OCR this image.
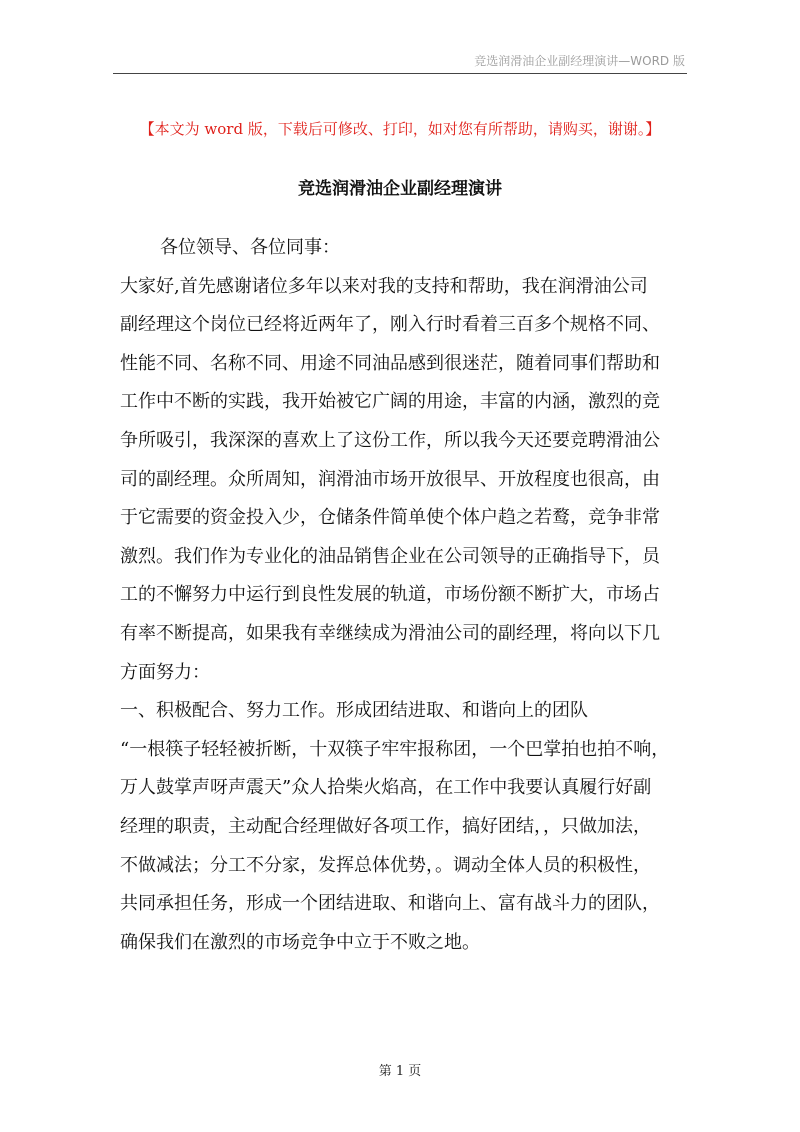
竞选润滑油企业副经理演讲—WORD 版
【本文为 word 版，下载后可修改、打印，如对您有所帮助，请购买，谢谢。】
竞选润滑油企业副经理演讲
各位领导、各位同事：
大家好,首先感谢诸位多年以来对我的支持和帮助，我在润滑油公司
副经理这个岗位已经将近两年了，刚入行时看着三百多个规格不同、
性能不同、名称不同、用途不同油品感到很迷茫，随着同事们帮助和
工作中不断的实践，我开始被它广阔的用途，丰富的内涵，激烈的竞
争所吸引，我深深的喜欢上了这份工作，所以我今天还要竞聘滑油公
司的副经理。众所周知，润滑油市场开放很早、开放程度也很高，由
于它需要的资金投入少，仓储条件简单使个体户趋之若鹜，竞争非常
激烈。我们作为专业化的油品销售企业在公司领导的正确指导下，员
工的不懈努力中运行到良性发展的轨道，市场份额不断扩大，市场占
有率不断提高，如果我有幸继续成为滑油公司的副经理，将向以下几
方面努力：
一、积极配合、努力工作。形成团结进取、和谐向上的团队
“一根筷子轻轻被折断，十双筷子牢牢报称团，一个巴掌拍也拍不响，
万人鼓掌声呀声震天”众人拾柴火焰高，在工作中我要认真履行好副
经理的职责，主动配合经理做好各项工作，搞好团结，，只做加法，
不做减法；分工不分家，发挥总体优势，。调动全体人员的积极性，
共同承担任务，形成一个团结进取、和谐向上、富有战斗力的团队，
确保我们在激烈的市场竞争中立于不败之地。
第 1 页
